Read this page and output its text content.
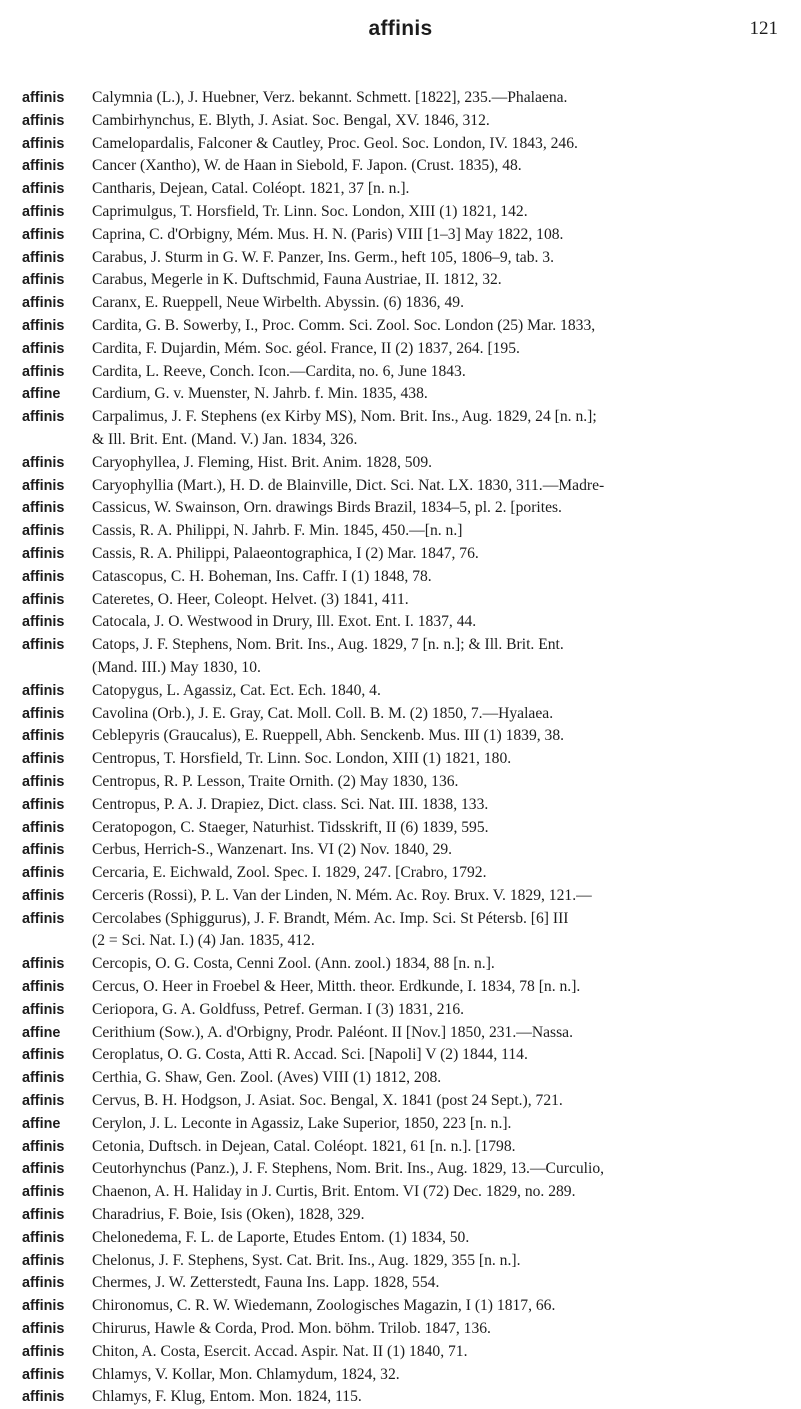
affinis	121
affinis	Calymnia (L.), J. Huebner, Verz. bekannt. Schmett. [1822], 235.—Phalaena.
affinis	Cambirhynchus, E. Blyth, J. Asiat. Soc. Bengal, XV. 1846, 312.
affinis	Camelopardalis, Falconer & Cautley, Proc. Geol. Soc. London, IV. 1843, 246.
affinis	Cancer (Xantho), W. de Haan in Siebold, F. Japon. (Crust. 1835), 48.
affinis	Cantharis, Dejean, Catal. Coléopt. 1821, 37 [n. n.].
affinis	Caprimulgus, T. Horsfield, Tr. Linn. Soc. London, XIII (1) 1821, 142.
affinis	Caprina, C. d'Orbigny, Mém. Mus. H. N. (Paris) VIII [1–3] May 1822, 108.
affinis	Carabus, J. Sturm in G. W. F. Panzer, Ins. Germ., heft 105, 1806–9, tab. 3.
affinis	Carabus, Megerle in K. Duftschmid, Fauna Austriae, II. 1812, 32.
affinis	Caranx, E. Rueppell, Neue Wirbelth. Abyssin. (6) 1836, 49.
affinis	Cardita, G. B. Sowerby, I., Proc. Comm. Sci. Zool. Soc. London (25) Mar. 1833,
affinis	Cardita, F. Dujardin, Mém. Soc. géol. France, II (2) 1837, 264. [195.
affinis	Cardita, L. Reeve, Conch. Icon.—Cardita, no. 6, June 1843.
affine	Cardium, G. v. Muenster, N. Jahrb. f. Min. 1835, 438.
affinis	Carpalimus, J. F. Stephens (ex Kirby MS), Nom. Brit. Ins., Aug. 1829, 24 [n. n.];
& Ill. Brit. Ent. (Mand. V.) Jan. 1834, 326.
affinis	Caryophyllea, J. Fleming, Hist. Brit. Anim. 1828, 509.
affinis	Caryophyllia (Mart.), H. D. de Blainville, Dict. Sci. Nat. LX. 1830, 311.—Madre-
affinis	Cassicus, W. Swainson, Orn. drawings Birds Brazil, 1834–5, pl. 2. [porites.
affinis	Cassis, R. A. Philippi, N. Jahrb. F. Min. 1845, 450.—[n. n.]
affinis	Cassis, R. A. Philippi, Palaeontographica, I (2) Mar. 1847, 76.
affinis	Catascopus, C. H. Boheman, Ins. Caffr. I (1) 1848, 78.
affinis	Cateretes, O. Heer, Coleopt. Helvet. (3) 1841, 411.
affinis	Catocala, J. O. Westwood in Drury, Ill. Exot. Ent. I. 1837, 44.
affinis	Catops, J. F. Stephens, Nom. Brit. Ins., Aug. 1829, 7 [n. n.]; & Ill. Brit. Ent.
(Mand. III.) May 1830, 10.
affinis	Catopygus, L. Agassiz, Cat. Ect. Ech. 1840, 4.
affinis	Cavolina (Orb.), J. E. Gray, Cat. Moll. Coll. B. M. (2) 1850, 7.—Hyalaea.
affinis	Ceblepyris (Graucalus), E. Rueppell, Abh. Senckenb. Mus. III (1) 1839, 38.
affinis	Centropus, T. Horsfield, Tr. Linn. Soc. London, XIII (1) 1821, 180.
affinis	Centropus, R. P. Lesson, Traite Ornith. (2) May 1830, 136.
affinis	Centropus, P. A. J. Drapiez, Dict. class. Sci. Nat. III. 1838, 133.
affinis	Ceratopogon, C. Staeger, Naturhist. Tidsskrift, II (6) 1839, 595.
affinis	Cerbus, Herrich-S., Wanzenart. Ins. VI (2) Nov. 1840, 29.
affinis	Cercaria, E. Eichwald, Zool. Spec. I. 1829, 247. [Crabro, 1792.
affinis	Cerceris (Rossi), P. L. Van der Linden, N. Mém. Ac. Roy. Brux. V. 1829, 121.—
affinis	Cercolabes (Sphiggurus), J. F. Brandt, Mém. Ac. Imp. Sci. St Pétersb. [6] III
(2 = Sci. Nat. I.) (4) Jan. 1835, 412.
affinis	Cercopis, O. G. Costa, Cenni Zool. (Ann. zool.) 1834, 88 [n. n.].
affinis	Cercus, O. Heer in Froebel & Heer, Mitth. theor. Erdkunde, I. 1834, 78 [n. n.].
affinis	Ceriopora, G. A. Goldfuss, Petref. German. I (3) 1831, 216.
affine	Cerithium (Sow.), A. d'Orbigny, Prodr. Paléont. II [Nov.] 1850, 231.—Nassa.
affinis	Ceroplatus, O. G. Costa, Atti R. Accad. Sci. [Napoli] V (2) 1844, 114.
affinis	Certhia, G. Shaw, Gen. Zool. (Aves) VIII (1) 1812, 208.
affinis	Cervus, B. H. Hodgson, J. Asiat. Soc. Bengal, X. 1841 (post 24 Sept.), 721.
affine	Cerylon, J. L. Leconte in Agassiz, Lake Superior, 1850, 223 [n. n.].
affinis	Cetonia, Duftsch. in Dejean, Catal. Coléopt. 1821, 61 [n. n.]. [1798.
affinis	Ceutorhynchus (Panz.), J. F. Stephens, Nom. Brit. Ins., Aug. 1829, 13.—Curculio,
affinis	Chaenon, A. H. Haliday in J. Curtis, Brit. Entom. VI (72) Dec. 1829, no. 289.
affinis	Charadrius, F. Boie, Isis (Oken), 1828, 329.
affinis	Chelonedema, F. L. de Laporte, Etudes Entom. (1) 1834, 50.
affinis	Chelonus, J. F. Stephens, Syst. Cat. Brit. Ins., Aug. 1829, 355 [n. n.].
affinis	Chermes, J. W. Zetterstedt, Fauna Ins. Lapp. 1828, 554.
affinis	Chironomus, C. R. W. Wiedemann, Zoologisches Magazin, I (1) 1817, 66.
affinis	Chirurus, Hawle & Corda, Prod. Mon. böhm. Trilob. 1847, 136.
affinis	Chiton, A. Costa, Esercit. Accad. Aspir. Nat. II (1) 1840, 71.
affinis	Chlamys, V. Kollar, Mon. Chlamydum, 1824, 32.
affinis	Chlamys, F. Klug, Entom. Mon. 1824, 115.
